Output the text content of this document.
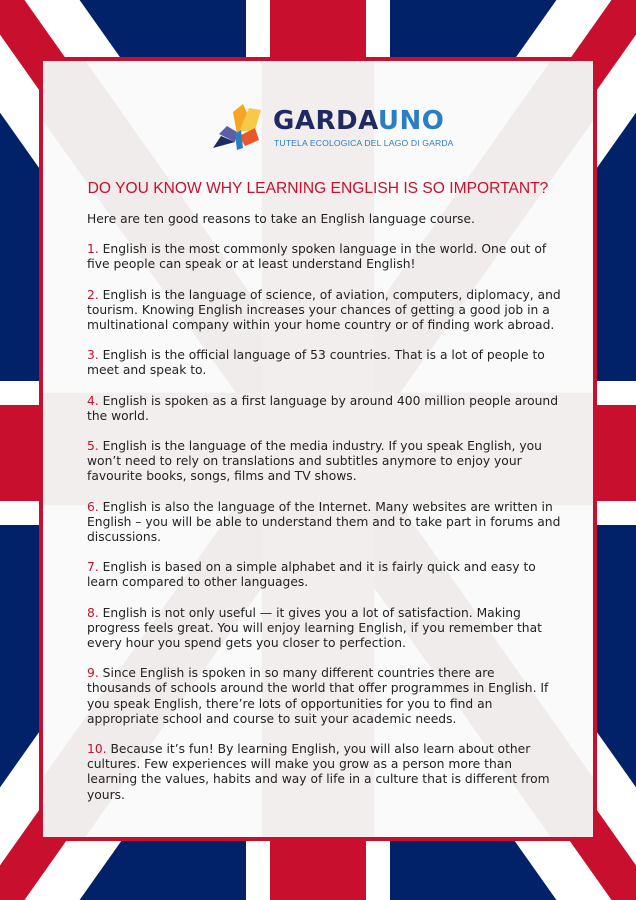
GARDAUNO
TUTELA ECOLOGICA DEL LAGO DI GARDA
DO YOU KNOW WHY LEARNING ENGLISH IS SO IMPORTANT?
Here are ten good reasons to take an English language course.
1. English is the most commonly spoken language in the world. One out of five people can speak or at least understand English!
2. English is the language of science, of aviation, computers, diplomacy, and tourism. Knowing English increases your chances of getting a good job in a multinational company within your home country or of finding work abroad.
3. English is the official language of 53 countries. That is a lot of people to meet and speak to.
4. English is spoken as a first language by around 400 million people around the world.
5. English is the language of the media industry. If you speak English, you won’t need to rely on translations and subtitles anymore to enjoy your favourite books, songs, films and TV shows.
6. English is also the language of the Internet. Many websites are written in English – you will be able to understand them and to take part in forums and discussions.
7. English is based on a simple alphabet and it is fairly quick and easy to learn compared to other languages.
8. English is not only useful — it gives you a lot of satisfaction. Making progress feels great. You will enjoy learning English, if you remember that every hour you spend gets you closer to perfection.
9. Since English is spoken in so many different countries there are thousands of schools around the world that offer programmes in English. If you speak English, there’re lots of opportunities for you to find an appropriate school and course to suit your academic needs.
10. Because it’s fun! By learning English, you will also learn about other cultures. Few experiences will make you grow as a person more than learning the values, habits and way of life in a culture that is different from yours.
